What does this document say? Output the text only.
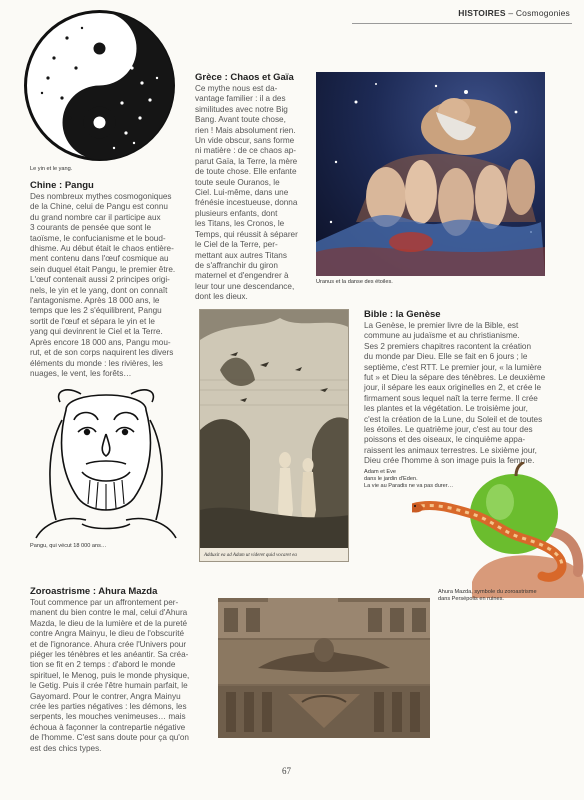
HISTOIRES – Cosmogonies
Le yin et le yang.
Chine : Pangu
Des nombreux mythes cosmogoniques
de la Chine, celui de Pangu est connu
du grand nombre car il participe aux
3 courants de pensée que sont le
taoïsme, le confucianisme et le boud-
dhisme. Au début était le chaos entière-
ment contenu dans l'œuf cosmique au
sein duquel était Pangu, le premier être.
L'œuf contenait aussi 2 principes origi-
nels, le yin et le yang, dont on connaît
l'antagonisme. Après 18 000 ans, le
temps que les 2 s'équilibrent, Pangu
sortit de l'œuf et sépara le yin et le
yang qui devinrent le Ciel et la Terre.
Après encore 18 000 ans, Pangu mou-
rut, et de son corps naquirent les divers
éléments du monde : les rivières, les
nuages, le vent, les forêts…
Pangu, qui vécut 18 000 ans…
Grèce : Chaos et Gaïa
Ce mythe nous est da-
vantage familier : il a des
similitudes avec notre Big
Bang. Avant toute chose,
rien ! Mais absolument rien.
Un vide obscur, sans forme
ni matière : de ce chaos ap-
parut Gaïa, la Terre, la mère
de toute chose. Elle enfante
toute seule Ouranos, le
Ciel. Lui-même, dans une
frénésie incestueuse, donna
plusieurs enfants, dont
les Titans, les Cronos, le
Temps, qui réussit à séparer
le Ciel de la Terre, per-
mettant aux autres Titans
de s'affranchir du giron
maternel et d'engendrer à
leur tour une descendance,
dont les dieux.
Uranus et la danse des étoiles.
Adduxit ea ad Adam ut videret quid vocaret ea
Bible : la Genèse
La Genèse, le premier livre de la Bible, est
commune au judaïsme et au christianisme.
Ses 2 premiers chapitres racontent la création
du monde par Dieu. Elle se fait en 6 jours ; le
septième, c'est RTT. Le premier jour, « la lumière
fut » et Dieu la sépare des ténèbres. Le deuxième
jour, il sépare les eaux originelles en 2, et crée le
firmament sous lequel naît la terre ferme. Il crée
les plantes et la végétation. Le troisième jour,
c'est la création de la Lune, du Soleil et de toutes
les étoiles. Le quatrième jour, c'est au tour des
poissons et des oiseaux, le cinquième appa-
raissent les animaux terrestres. Le sixième jour,
Dieu crée l'homme à son image puis la femme.
Adam et Eve
dans le jardin d'Eden.
La vie au Paradis ne va pas durer…
Zoroastrisme : Ahura Mazda
Tout commence par un affrontement per-
manent du bien contre le mal, celui d'Ahura
Mazda, le dieu de la lumière et de la pureté
contre Angra Mainyu, le dieu de l'obscurité
et de l'ignorance. Ahura crée l'Univers pour
piéger les ténèbres et les anéantir. Sa créa-
tion se fit en 2 temps : d'abord le monde
spirituel, le Menog, puis le monde physique,
le Getig. Puis il crée l'être humain parfait, le
Gayomard. Pour le contrer, Angra Mainyu
crée les parties négatives : les démons, les
serpents, les mouches venimeuses… mais
échoua à façonner la contrepartie négative
de l'homme. C'est sans doute pour ça qu'on
est des chics types.
Ahura Mazda, symbole du zoroastrisme
dans Persépolis en ruines.
67
